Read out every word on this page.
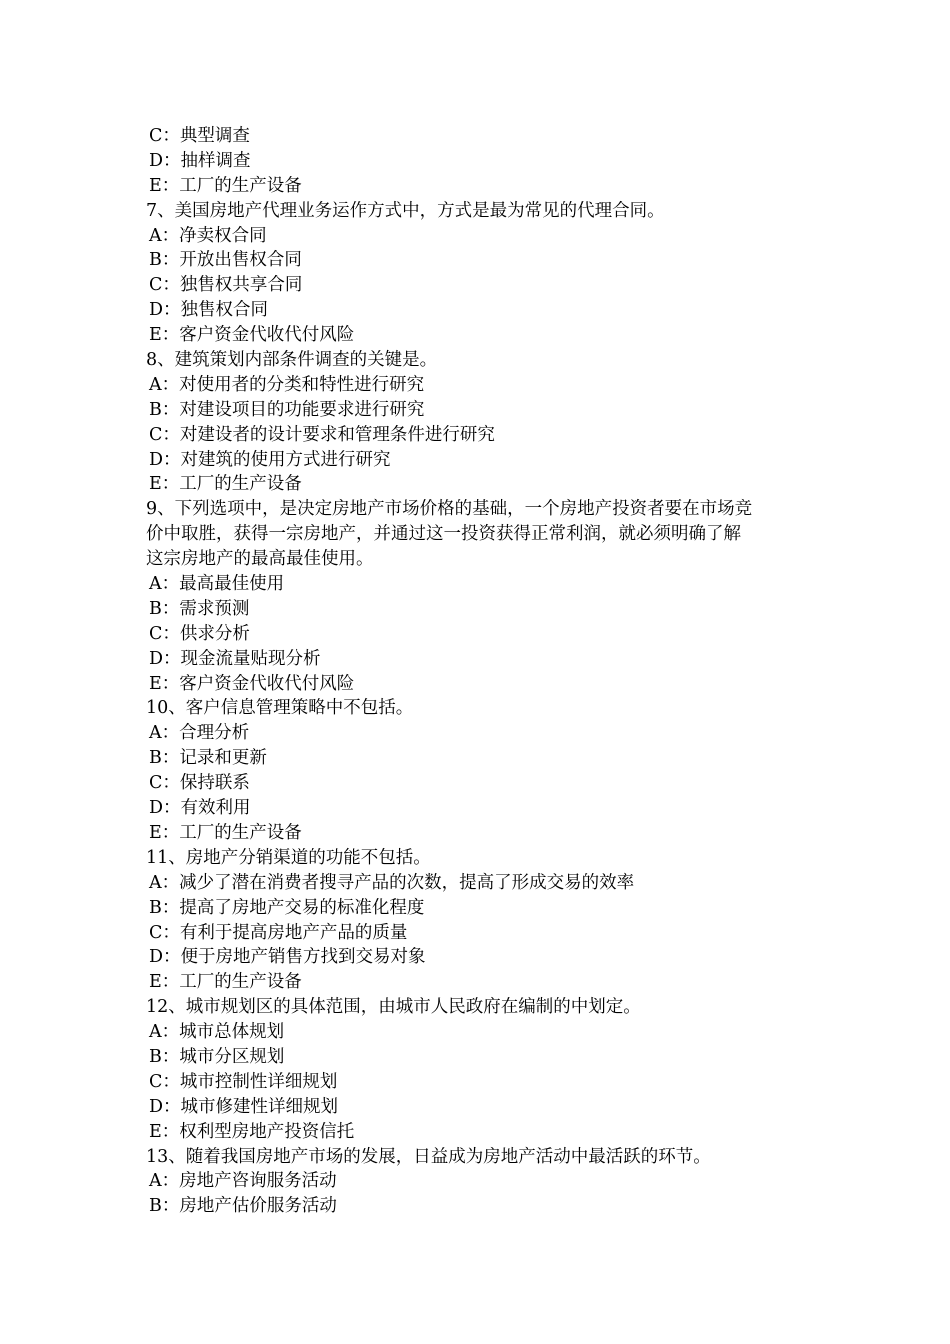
C：典型调查
D：抽样调查
E：工厂的生产设备
7、美国房地产代理业务运作方式中，方式是最为常见的代理合同。
A：净卖权合同
B：开放出售权合同
C：独售权共享合同
D：独售权合同
E：客户资金代收代付风险
8、建筑策划内部条件调查的关键是。
A：对使用者的分类和特性进行研究
B：对建设项目的功能要求进行研究
C：对建设者的设计要求和管理条件进行研究
D：对建筑的使用方式进行研究
E：工厂的生产设备
9、下列选项中，是决定房地产市场价格的基础，一个房地产投资者要在市场竞
价中取胜，获得一宗房地产，并通过这一投资获得正常利润，就必须明确了解
这宗房地产的最高最佳使用。
A：最高最佳使用
B：需求预测
C：供求分析
D：现金流量贴现分析
E：客户资金代收代付风险
10、客户信息管理策略中不包括。
A：合理分析
B：记录和更新
C：保持联系
D：有效利用
E：工厂的生产设备
11、房地产分销渠道的功能不包括。
A：减少了潜在消费者搜寻产品的次数，提高了形成交易的效率
B：提高了房地产交易的标准化程度
C：有利于提高房地产产品的质量
D：便于房地产销售方找到交易对象
E：工厂的生产设备
12、城市规划区的具体范围，由城市人民政府在编制的中划定。
A：城市总体规划
B：城市分区规划
C：城市控制性详细规划
D：城市修建性详细规划
E：权利型房地产投资信托
13、随着我国房地产市场的发展，日益成为房地产活动中最活跃的环节。
A：房地产咨询服务活动
B：房地产估价服务活动
